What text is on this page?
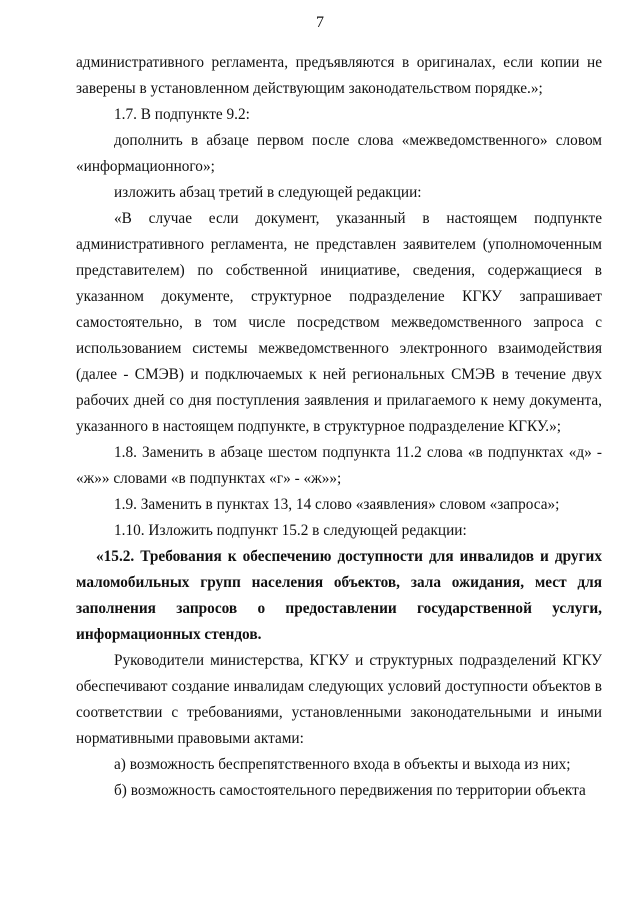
7

административного регламента, предъявляются в оригиналах, если копии не заверены в установленном действующим законодательством порядке.»;

1.7. В подпункте 9.2:

дополнить в абзаце первом после слова «межведомственного» словом «информационного»;

изложить абзац третий в следующей редакции:

«В случае если документ, указанный в настоящем подпункте административного регламента, не представлен заявителем (уполномоченным представителем) по собственной инициативе, сведения, содержащиеся в указанном документе, структурное подразделение КГКУ запрашивает самостоятельно, в том числе посредством межведомственного запроса с использованием системы межведомственного электронного взаимодействия (далее - СМЭВ) и подключаемых к ней региональных СМЭВ в течение двух рабочих дней со дня поступления заявления и прилагаемого к нему документа, указанного в настоящем подпункте, в структурное подразделение КГКУ.»;

1.8. Заменить в абзаце шестом подпункта 11.2 слова «в подпунктах «д» - «ж»» словами «в подпунктах «г» - «ж»»;

1.9. Заменить в пунктах 13, 14 слово «заявления» словом «запроса»;

1.10. Изложить подпункт 15.2 в следующей редакции:

«15.2. Требования к обеспечению доступности для инвалидов и других маломобильных групп населения объектов, зала ожидания, мест для заполнения запросов о предоставлении государственной услуги, информационных стендов.

Руководители министерства, КГКУ и структурных подразделений КГКУ обеспечивают создание инвалидам следующих условий доступности объектов в соответствии с требованиями, установленными законодательными и иными нормативными правовыми актами:

а) возможность беспрепятственного входа в объекты и выхода из них;

б) возможность самостоятельного передвижения по территории объекта
